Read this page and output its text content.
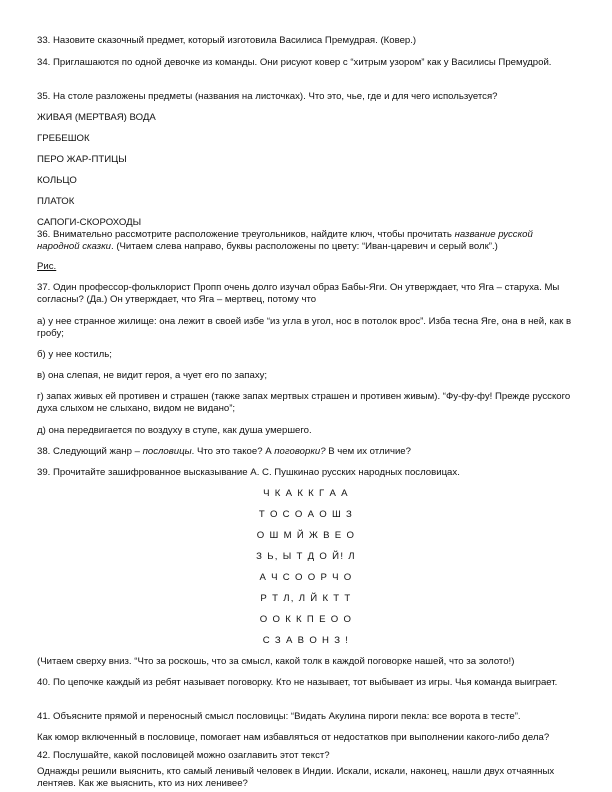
33. Назовите сказочный предмет, который изготовила Василиса Премудрая. (Ковер.)

34. Приглашаются по одной девочке из команды. Они рисуют ковер с “хитрым узором” как у Василисы Премудрой.

35. На столе разложены предметы (названия на листочках). Что это, чье, где и для чего используется?

ЖИВАЯ (МЕРТВАЯ) ВОДА

ГРЕБЕШОК

ПЕРО ЖАР-ПТИЦЫ

КОЛЬЦО

ПЛАТОК

САПОГИ-СКОРОХОДЫ

36. Внимательно рассмотрите расположение треугольников, найдите ключ, чтобы прочитать название русской народной сказки. (Читаем слева направо, буквы расположены по цвету: “Иван-царевич и серый волк”.)

Рис.

37. Один профессор-фольклорист Пропп очень долго изучал образ Бабы-Яги. Он утверждает, что Яга – старуха. Мы согласны? (Да.) Он утверждает, что Яга – мертвец, потому что

а) у нее странное жилище: она лежит в своей избе “из угла в угол, нос в потолок врос”. Изба тесна Яге, она в ней, как в гробу;

б) у нее костиль;

в) она слепая, не видит героя, а чует его по запаху;

г) запах живых ей противен и страшен (также запах мертвых страшен и противен живым). “Фу-фу-фу! Прежде русского духа слыхом не слыхано, видом не видано”;

д) она передвигается по воздуху в ступе, как душа умершего.

38. Следующий жанр – пословицы. Что это такое? А поговорки? В чем их отличие?

39. Прочитайте зашифрованное высказывание А. С. Пушкинао русских народных пословицах.

Ч К А К К Г А А

Т О С О А О Ш З

О Ш М Й Ж В Е О

З Ь, Ы Т Д О Й! Л

А Ч С О О Р Ч О

Р Т Л, Л Й К Т Т

О О К К П Е О О

С З А В О Н З !

(Читаем сверху вниз. “Что за роскошь, что за смысл, какой толк в каждой поговорке нашей, что за золото!)

40. По цепочке каждый из ребят называет поговорку. Кто не называет, тот выбывает из игры. Чья команда выиграет.

41. Объясните прямой и переносный смысл пословицы: “Видать Акулина пироги пекла: все ворота в тесте”.

Как юмор включенный в пословице, помогает нам избавляться от недостатков при выполнении какого-либо дела?

42. Послушайте, какой пословицей можно озаглавить этот текст?

Однажды решили выяснить, кто самый ленивый человек в Индии. Искали, искали, наконец, нашли двух отчаянных лентяев. Как же выяснить, кто из них ленивее?
